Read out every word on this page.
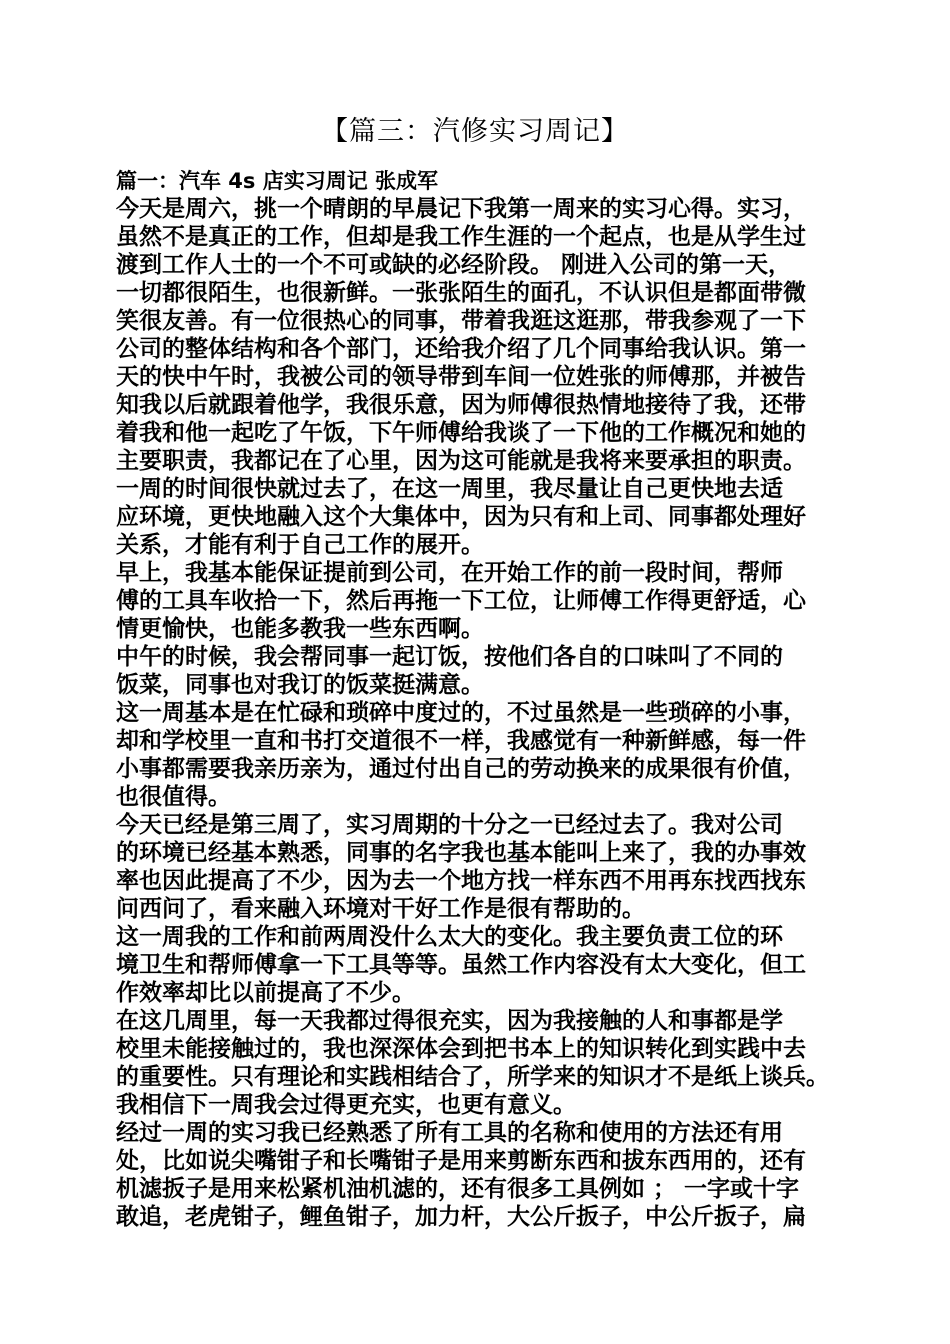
【篇三：汽修实习周记】
篇一：汽车 4s 店实习周记 张成军
今天是周六，挑一个晴朗的早晨记下我第一周来的实习心得。实习，
虽然不是真正的工作，但却是我工作生涯的一个起点，也是从学生过
渡到工作人士的一个不可或缺的必经阶段。 刚进入公司的第一天，
一切都很陌生，也很新鲜。一张张陌生的面孔，不认识但是都面带微
笑很友善。有一位很热心的同事，带着我逛这逛那，带我参观了一下
公司的整体结构和各个部门，还给我介绍了几个同事给我认识。第一
天的快中午时，我被公司的领导带到车间一位姓张的师傅那，并被告
知我以后就跟着他学，我很乐意，因为师傅很热情地接待了我，还带
着我和他一起吃了午饭，下午师傅给我谈了一下他的工作概况和她的
主要职责，我都记在了心里，因为这可能就是我将来要承担的职责。
一周的时间很快就过去了，在这一周里，我尽量让自己更快地去适
应环境，更快地融入这个大集体中，因为只有和上司、同事都处理好
关系，才能有利于自己工作的展开。
早上，我基本能保证提前到公司，在开始工作的前一段时间，帮师
傅的工具车收拾一下，然后再拖一下工位，让师傅工作得更舒适，心
情更愉快，也能多教我一些东西啊。
中午的时候，我会帮同事一起订饭，按他们各自的口味叫了不同的
饭菜，同事也对我订的饭菜挺满意。
这一周基本是在忙碌和琐碎中度过的，不过虽然是一些琐碎的小事，
却和学校里一直和书打交道很不一样，我感觉有一种新鲜感，每一件
小事都需要我亲历亲为，通过付出自己的劳动换来的成果很有价值，
也很值得。
今天已经是第三周了，实习周期的十分之一已经过去了。我对公司
的环境已经基本熟悉，同事的名字我也基本能叫上来了，我的办事效
率也因此提高了不少，因为去一个地方找一样东西不用再东找西找东
问西问了，看来融入环境对干好工作是很有帮助的。
这一周我的工作和前两周没什么太大的变化。我主要负责工位的环
境卫生和帮师傅拿一下工具等等。虽然工作内容没有太大变化，但工
作效率却比以前提高了不少。
在这几周里，每一天我都过得很充实，因为我接触的人和事都是学
校里未能接触过的，我也深深体会到把书本上的知识转化到实践中去
的重要性。只有理论和实践相结合了，所学来的知识才不是纸上谈兵。
我相信下一周我会过得更充实，也更有意义。
经过一周的实习我已经熟悉了所有工具的名称和使用的方法还有用
处，比如说尖嘴钳子和长嘴钳子是用来剪断东西和拔东西用的，还有
机滤扳子是用来松紧机油机滤的，还有很多工具例如 ； 一字或十字
敢追，老虎钳子，鲤鱼钳子，加力杆，大公斤扳子，中公斤扳子，扁
